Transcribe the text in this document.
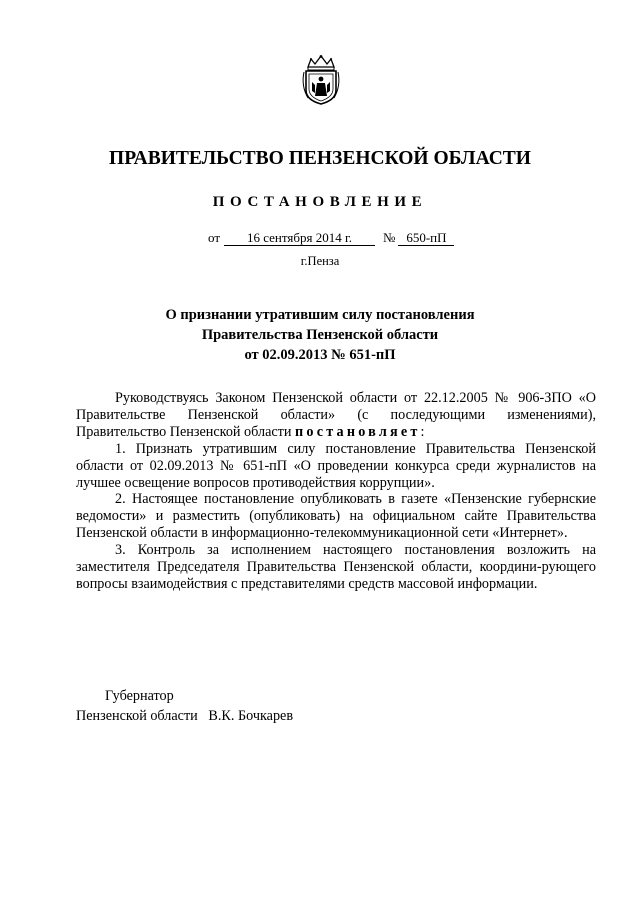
ПРАВИТЕЛЬСТВО ПЕНЗЕНСКОЙ ОБЛАСТИ
ПОСТАНОВЛЕНИЕ
от 16 сентября 2014 г. № 650-пП
г.Пенза
О признании утратившим силу постановления
Правительства Пензенской области
от 02.09.2013 № 651-пП

Руководствуясь Законом Пензенской области от 22.12.2005 № 906-ЗПО «О Правительстве Пензенской области» (с последующими изменениями), Правительство Пензенской области постановляет:

1. Признать утратившим силу постановление Правительства Пензенской области от 02.09.2013 № 651-пП «О проведении конкурса среди журналистов на лучшее освещение вопросов противодействия коррупции».

2. Настоящее постановление опубликовать в газете «Пензенские губернские ведомости» и разместить (опубликовать) на официальном сайте Правительства Пензенской области в информационно-телекоммуникационной сети «Интернет».

3. Контроль за исполнением настоящего постановления возложить на заместителя Председателя Правительства Пензенской области, координи-рующего вопросы взаимодействия с представителями средств массовой информации.

Губернатор
Пензенской области В.К. Бочкарев
